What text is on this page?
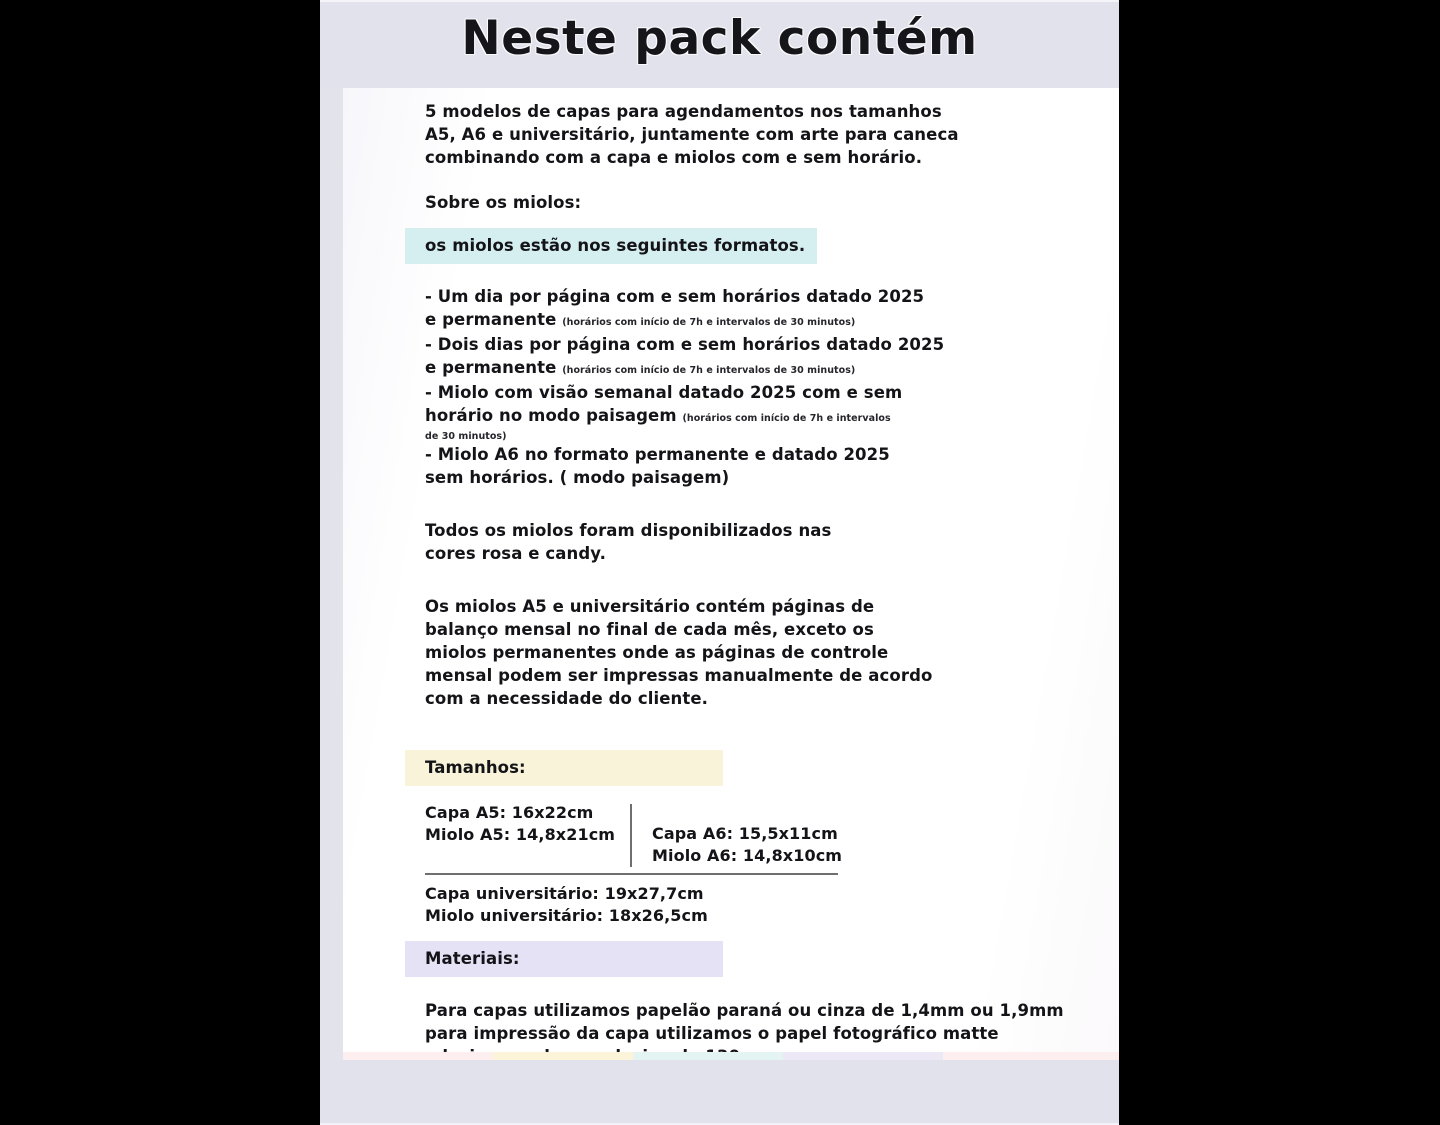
Neste pack contém

5 modelos de capas para agendamentos nos tamanhos

A5, A6 e universitário, juntamente com arte para caneca

combinando com a capa e miolos com e sem horário.

Sobre os miolos:

os miolos estão nos seguintes formatos.

- Um dia por página com e sem horários datado 2025

e permanente (horários com início de 7h e intervalos de 30 minutos)

- Dois dias por página com e sem horários datado 2025

e permanente (horários com início de 7h e intervalos de 30 minutos)

- Miolo com visão semanal datado 2025 com e sem

horário no modo paisagem (horários com início de 7h e intervalos

de 30 minutos)

- Miolo A6 no formato permanente e datado 2025

sem horários. ( modo paisagem)

Todos os miolos foram disponibilizados nas

cores rosa e candy.

Os miolos A5 e universitário contém páginas de

balanço mensal no final de cada mês, exceto os

miolos permanentes onde as páginas de controle

mensal podem ser impressas manualmente de acordo

com a necessidade do cliente.

Tamanhos:
Capa A5: 16x22cm
Miolo A5: 14,8x21cm Capa A6: 15,5x11cm
Miolo A6: 14,8x10cm
Capa universitário: 19x27,7cm
Miolo universitário: 18x26,5cm
Materiais:

Para capas utilizamos papelão paraná ou cinza de 1,4mm ou 1,9mm

para impressão da capa utilizamos o papel fotográfico matte
